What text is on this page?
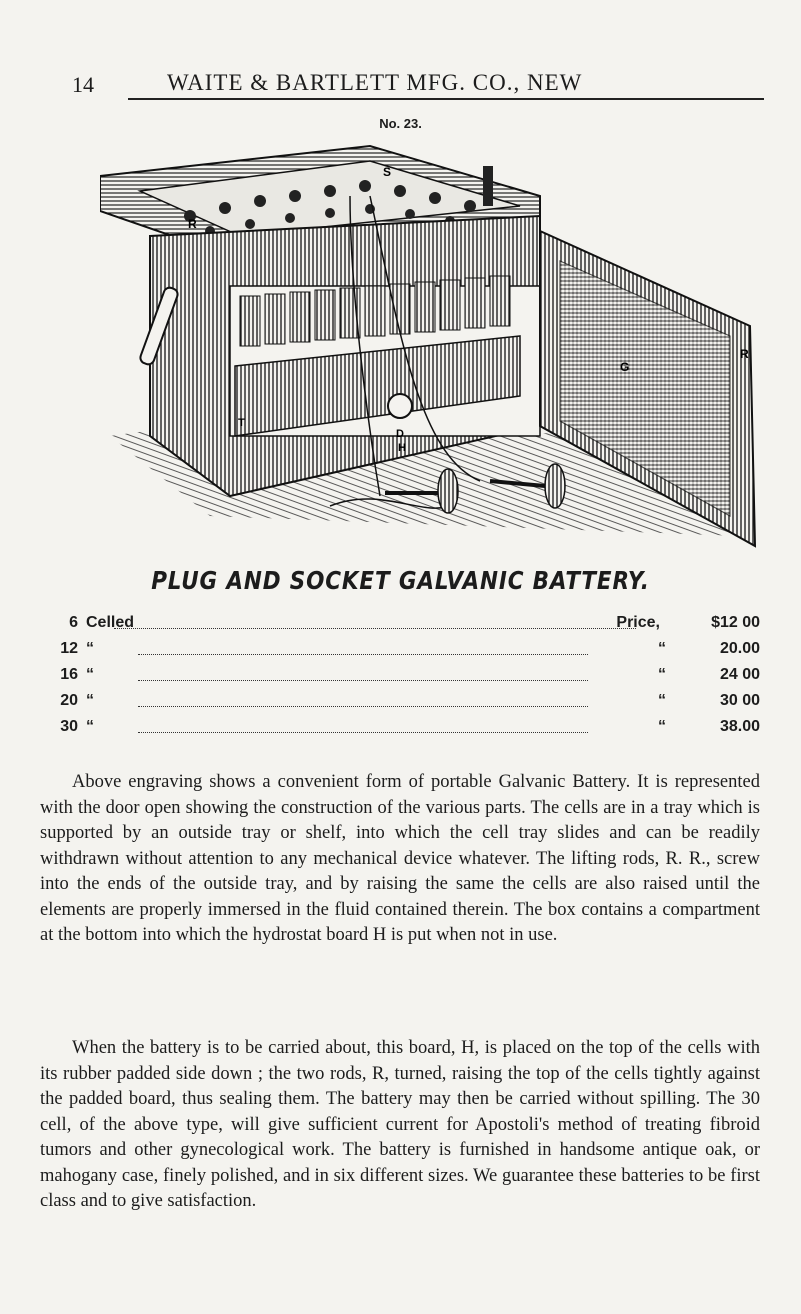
14	WAITE & BARTLETT MFG. CO., NEW
No. 23.
D
H
T
G
R
R
S
PLUG AND SOCKET GALVANIC BATTERY.
6 Celled	Price,	$12 00
12 “	“	20.00
16 “	“	24 00
20 “	“	30 00
30 “	“	38.00

Above engraving shows a convenient form of portable Galvanic Battery. It is represented with the door open showing the construction of the various parts. The cells are in a tray which is supported by an outside tray or shelf, into which the cell tray slides and can be readily withdrawn without attention to any mechanical device whatever. The lifting rods, R. R., screw into the ends of the outside tray, and by raising the same the cells are also raised until the elements are properly immersed in the fluid contained therein. The box contains a compartment at the bottom into which the hydrostat board H is put when not in use.

When the battery is to be carried about, this board, H, is placed on the top of the cells with its rubber padded side down ; the two rods, R, turned, raising the top of the cells tightly against the padded board, thus sealing them. The battery may then be carried without spilling. The 30 cell, of the above type, will give sufficient current for Apostoli's method of treating fibroid tumors and other gynecological work. The battery is furnished in handsome antique oak, or mahogany case, finely polished, and in six different sizes. We guarantee these batteries to be first class and to give satisfaction.
